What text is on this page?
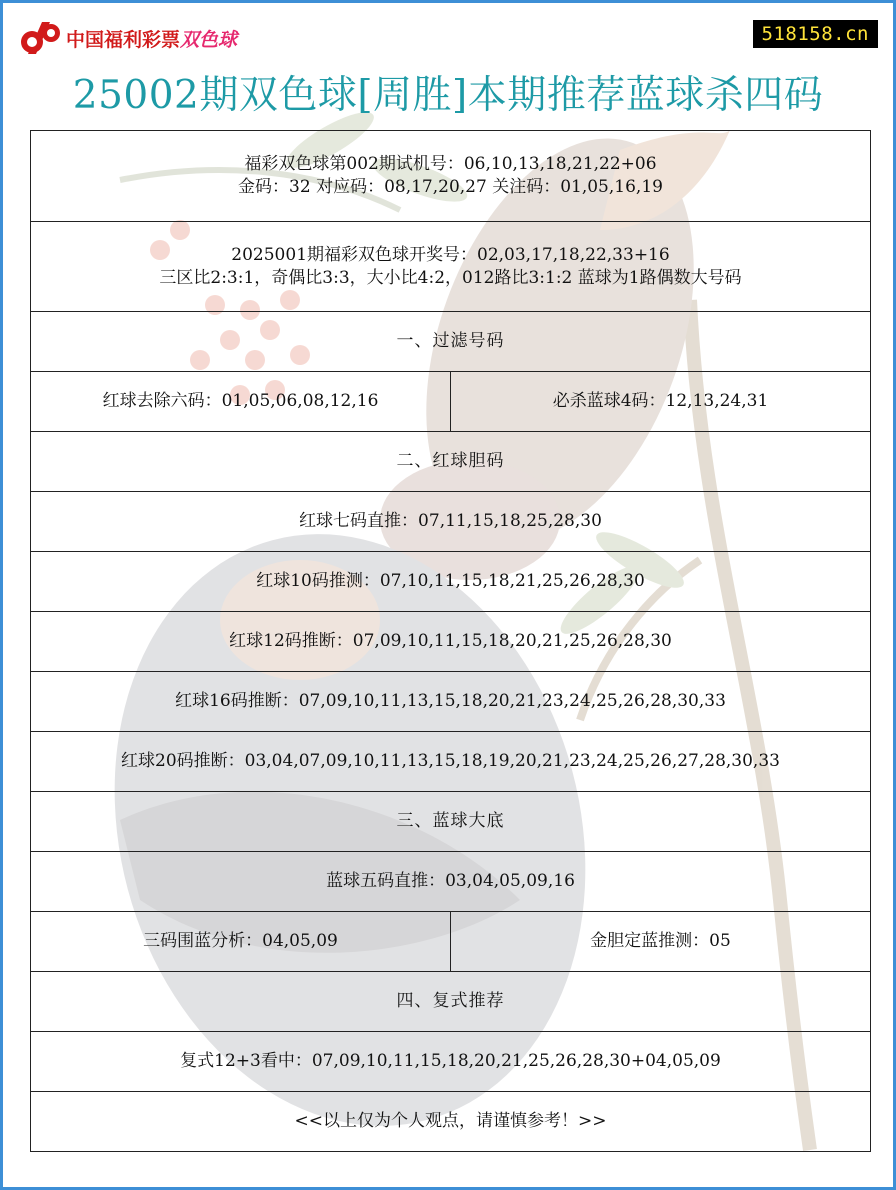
中国福利彩票双色球	518158.cn
25002期双色球[周胜]本期推荐蓝球杀四码
福彩双色球第002期试机号：06,10,13,18,21,22+06
金码：32 对应码：08,17,20,27 关注码：01,05,16,19
2025001期福彩双色球开奖号：02,03,17,18,22,33+16
三区比2:3:1，奇偶比3:3，大小比4:2，012路比3:1:2 蓝球为1路偶数大号码
一、过滤号码
红球去除六码：01,05,06,08,12,16	必杀蓝球4码：12,13,24,31
二、红球胆码
红球七码直推：07,11,15,18,25,28,30
红球10码推测：07,10,11,15,18,21,25,26,28,30
红球12码推断：07,09,10,11,15,18,20,21,25,26,28,30
红球16码推断：07,09,10,11,13,15,18,20,21,23,24,25,26,28,30,33
红球20码推断：03,04,07,09,10,11,13,15,18,19,20,21,23,24,25,26,27,28,30,33
三、蓝球大底
蓝球五码直推：03,04,05,09,16
三码围蓝分析：04,05,09	金胆定蓝推测：05
四、复式推荐
复式12+3看中：07,09,10,11,15,18,20,21,25,26,28,30+04,05,09
<<以上仅为个人观点，请谨慎参考！>>
